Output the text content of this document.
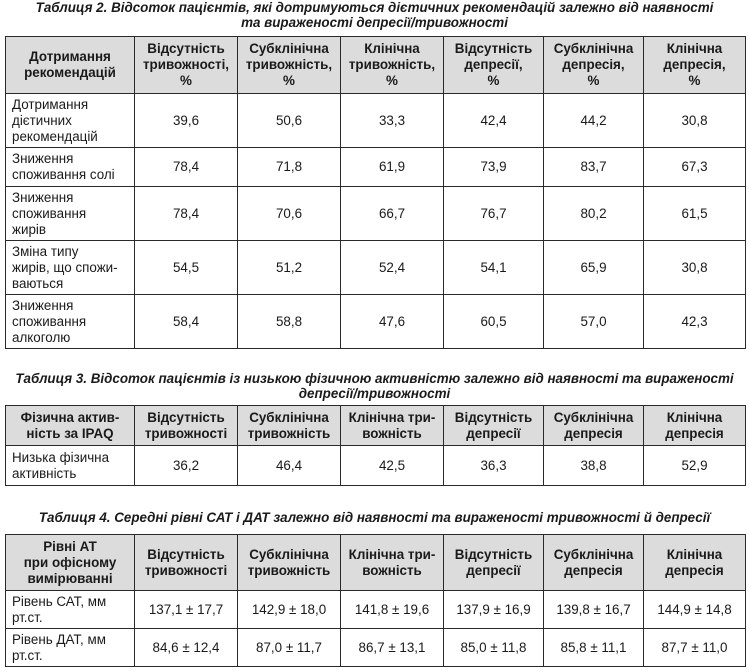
Таблиця 2. Відсоток пацієнтів, які дотримуються дієтичних рекомендацій залежно від наявності
та вираженості депресії/тривожності
Дотримання
рекомендацій	Відсутність
тривожності,
%	Субклінічна
тривожність,
%	Клінічна
тривожність,
%	Відсутність
депресії,
%	Субклінічна
депресія,
%	Клінічна
депресія,
%

Дотримання
дієтичних
рекомендацій	39,6	50,6	33,3	42,4	44,2	30,8

Зниження
споживання солі	78,4	71,8	61,9	73,9	83,7	67,3

Зниження
споживання
жирів	78,4	70,6	66,7	76,7	80,2	61,5

Зміна типу
жирів, що спожи-
ваються	54,5	51,2	52,4	54,1	65,9	30,8

Зниження
споживання
алкоголю	58,4	58,8	47,6	60,5	57,0	42,3
Таблиця 3. Відсоток пацієнтів із низькою фізичною активністю залежно від наявності та вираженості
депресії/тривожності
Фізична актив-
ність за IPAQ	Відсутність
тривожності	Субклінічна
тривожність	Клінічна три-
вожність	Відсутність
депресії	Субклінічна
депресія	Клінічна
депресія

Низька фізична
активність	36,2	46,4	42,5	36,3	38,8	52,9
Таблиця 4. Середні рівні САТ і ДАТ залежно від наявності та вираженості тривожності й депресії
Рівні АТ
при офісному
вимірюванні	Відсутність
тривожності	Субклінічна
тривожність	Клінічна три-
вожність	Відсутність
депресії	Субклінічна
депресія	Клінічна
депресія

Рівень САТ, мм
рт.ст.	137,1 ± 17,7	142,9 ± 18,0	141,8 ± 19,6	137,9 ± 16,9	139,8 ± 16,7	144,9 ± 14,8

Рівень ДАТ, мм
рт.ст.	84,6 ± 12,4	87,0 ± 11,7	86,7 ± 13,1	85,0 ± 11,8	85,8 ± 11,1	87,7 ± 11,0
